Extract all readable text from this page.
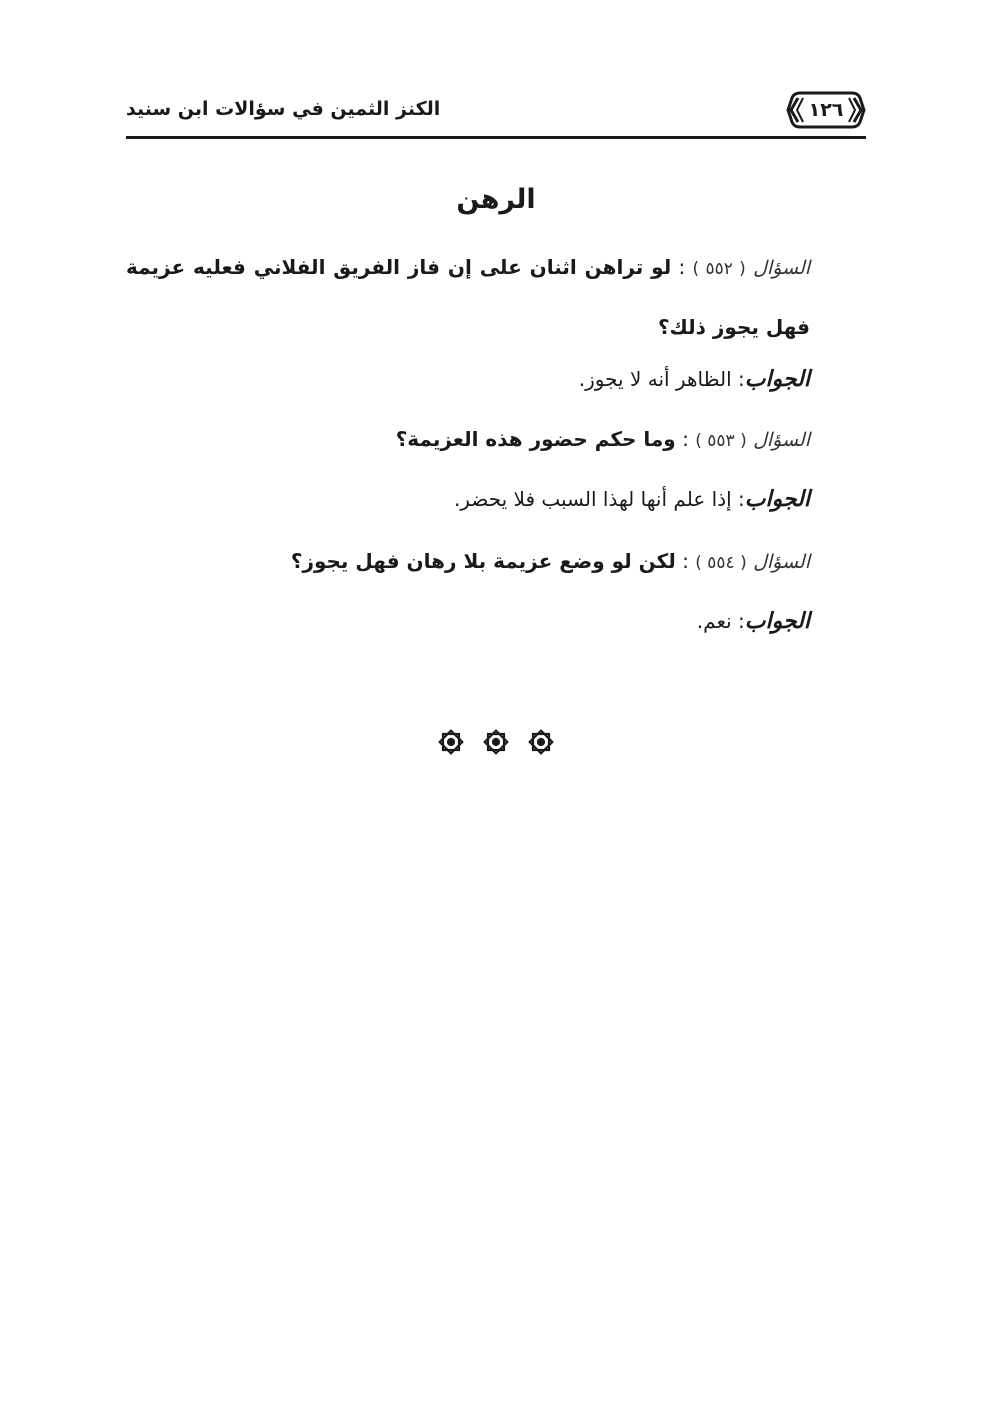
١٢٦
الكنز الثمين في سؤالات ابن سنيد
الرهن
السؤال ( ٥٥٢ ) : لو تراهن اثنان على إن فاز الفريق الفلاني فعليه عزيمة فهل يجوز ذلك؟
الجواب: الظاهر أنه لا يجوز.
السؤال ( ٥٥٣ ) : وما حكم حضور هذه العزيمة؟
الجواب: إذا علم أنها لهذا السبب فلا يحضر.
السؤال ( ٥٥٤ ) : لكن لو وضع عزيمة بلا رهان فهل يجوز؟
الجواب: نعم.
